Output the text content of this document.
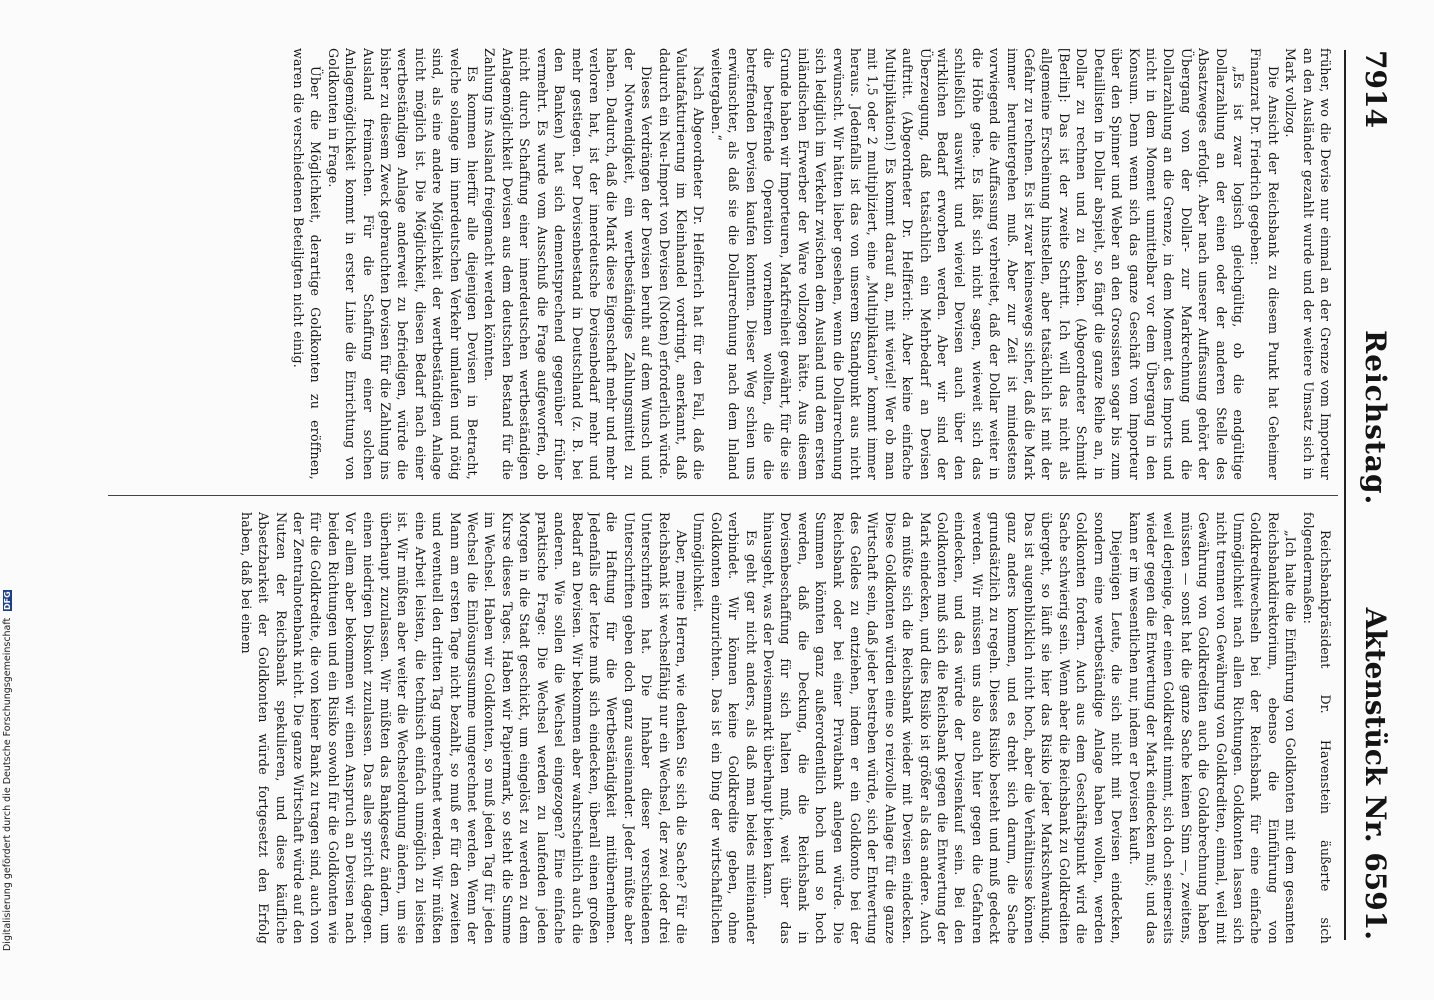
7914
Reichstag.
Aktenstück Nr. 6591.

früher, wo die Devise nur einmal an der Grenze vom Importeur an den Ausländer gezahlt wurde und der weitere Umsatz sich in Mark vollzog.

Die Ansicht der Reichsbank zu diesem Punkt hat Geheimer Finanzrat Dr. Friedrich gegeben:

„Es ist zwar logisch gleichgültig, ob die endgültige Dollarzahlung an der einen oder der anderen Stelle des Absatzweges erfolgt. Aber nach unserer Auffassung gehört der Übergang von der Dollar- zur Markrechnung und die Dollarzahlung an die Grenze, in dem Moment des Imports und nicht in dem Moment unmittelbar vor dem Übergang in den Konsum. Denn wenn sich das ganze Geschäft vom Importeur über den Spinner und Weber an den Grossisten sogar bis zum Detaillisten in Dollar abspielt, so fängt die ganze Reihe an, in Dollar zu rechnen und zu denken. (Abgeordneter Schmidt [Berlin]: Das ist der zweite Schritt. Ich will das nicht als allgemeine Erscheinung hinstellen, aber tatsächlich ist mit der Gefahr zu rechnen. Es ist zwar keineswegs sicher, daß die Mark immer heruntergehen muß. Aber zur Zeit ist mindestens vorwiegend die Auffassung verbreitet, daß der Dollar weiter in die Höhe gehe. Es läßt sich nicht sagen, wieweit sich das schließlich auswirkt und wieviel Devisen auch über den wirklichen Bedarf erworben werden. Aber wir sind der Überzeugung, daß tatsächlich ein Mehrbedarf an Devisen auftritt. (Abgeordneter Dr. Helfferich: Aber keine einfache Multiplikation!) Es kommt darauf an, mit wieviel! Wer ob man mit 1,5 oder 2 multipliziert, eine „Multiplikation“ kommt immer heraus. Jedenfalls ist das von unserem Standpunkt aus nicht erwünscht. Wir hätten lieber gesehen, wenn die Dollarrechnung sich lediglich im Verkehr zwischen dem Ausland und dem ersten inländischen Erwerber der Ware vollzogen hätte. Aus diesem Grunde haben wir Importeuren, Markfreiheit gewährt, für die sie die betreffende Operation vornehmen wollten, die die betreffenden Devisen kaufen konnten. Dieser Weg schien uns erwünschter, als daß sie die Dollarrechnung nach dem Inland weitergaben.“

Nach Abgeordneter Dr. Helfferich hat für den Fall, daß die Valutafakturierung im Kleinhandel vordringt, anerkannt, daß dadurch ein Neu-Import von Devisen (Noten) erforderlich würde.

Dieses Verdrängen der Devisen beruht auf dem Wunsch und der Notwendigkeit, ein wertbeständiges Zahlungsmittel zu haben. Dadurch, daß die Mark diese Eigenschaft mehr und mehr verloren hat, ist der innerdeutsche Devisenbedarf mehr und mehr gestiegen. Der Devisenbestand in Deutschland (z. B. bei den Banken) hat sich dementsprechend gegenüber früher vermehrt. Es wurde vom Ausschuß die Frage aufgeworfen, ob nicht durch Schaffung einer innerdeutschen wertbeständigen Anlagemöglichkeit Devisen aus dem deutschen Bestand für die Zahlung ins Ausland freigemacht werden könnten.

Es kommen hierfür alle diejenigen Devisen in Betracht, welche solange im innerdeutschen Verkehr umlaufen und nötig sind, als eine andere Möglichkeit der wertbeständigen Anlage nicht möglich ist. Die Möglichkeit, diesen Bedarf nach einer wertbeständigen Anlage anderweit zu befriedigen, würde die bisher zu diesem Zweck gebrauchten Devisen für die Zahlung ins Ausland freimachen. Für die Schaffung einer solchen Anlagemöglichkeit kommt in erster Linie die Einrichtung von Goldkonten in Frage.

Über die Möglichkeit, derartige Goldkonten zu eröffnen, waren die verschiedenen Beteiligten nicht einig.

Reichsbankpräsident Dr. Havenstein äußerte sich folgendermaßen:

„Ich halte die Einführung von Goldkonten mit dem gesamten Reichsbankdirektorium, ebenso die Einführung von Goldkreditwechseln bei der Reichsbank für eine einfache Unmöglichkeit nach allen Richtungen. Goldkonten lassen sich nicht trennen von Gewährung von Goldkrediten, einmal, weil mit Gewährung von Goldkrediten auch die Goldabrechnung haben müssten — sonst hat die ganze Sache keinen Sinn —, zweitens, weil derjenige, der einen Goldkredit nimmt, sich doch seinerseits wieder gegen die Entwertung der Mark eindecken muß; und das kann er im wesentlichen nur, indem er Devisen kauft.

Diejenigen Leute, die sich nicht mit Devisen eindecken, sondern eine wertbeständige Anlage haben wollen, werden Goldkonten fordern. Auch aus dem Geschäftspunkt wird die Sache schwierig sein. Wenn aber die Reichsbank zu Goldkrediten übergeht, so läuft sie hier das Risiko jeder Markschwankung. Das ist augenblicklich nicht hoch, aber die Verhältnisse können ganz anders kommen, und es dreht sich darum, die Sache grundsätzlich zu regeln. Dieses Risiko besteht und muß gedeckt werden. Wir müssen uns also auch hier gegen die Gefahren eindecken, und das würde der Devisenkauf sein. Bei den Goldkonten muß sich die Reichsbank gegen die Entwertung der Mark eindecken, und dies Risiko ist größer als das andere. Auch da müßte sich die Reichsbank wieder mit Devisen eindecken. Diese Goldkonten würden eine so reizvolle Anlage für die ganze Wirtschaft sein, daß jeder bestreben würde, sich der Entwertung des Geldes zu entziehen, indem er ein Goldkonto bei der Reichsbank oder bei einer Privatbank anlegen würde. Die Summen könnten ganz außerordentlich hoch und so hoch werden, daß die Deckung, die die Reichsbank in Devisenbeschaffung für sich halten muß, weit über das hinausgeht, was der Devisenmarkt überhaupt bieten kann.

Es geht gar nicht anders, als daß man beides miteinander verbindet. Wir können keine Goldkredite geben, ohne Goldkonten einzurichten. Das ist ein Ding der wirtschaftlichen Unmöglichkeit.

Aber, meine Herren, wie denken Sie sich die Sache? Für die Reichsbank ist wechselfähig nur ein Wechsel, der zwei oder drei Unterschriften hat. Die Inhaber dieser verschiedenen Unterschriften geben doch ganz auseinander. Jeder müßte aber die Haftung für die Wertbeständigkeit mitübernehmen. Jedenfalls der letzte muß sich eindecken, überall einen großen Bedarf an Devisen. Wir bekommen aber wahrscheinlich auch die anderen. Wie sollen die Wechsel eingezogen? Eine einfache praktische Frage: Die Wechsel werden zu laufenden jeden Morgen in die Stadt geschickt, um eingelöst zu werden zu dem Kurse dieses Tages. Haben wir Papiermark, so steht die Summe im Wechsel. Haben wir Goldkonten, so muß jeden Tag für jeden Wechsel die Einlösungssumme umgerechnet werden. Wenn der Mann am ersten Tage nicht bezahlt, so muß er für den zweiten und eventuell den dritten Tag umgerechnet werden. Wir müßten eine Arbeit leisten, die technisch einfach unmöglich zu leisten ist. Wir müßten aber weiter die Wechselordnung ändern, um sie überhaupt zuzulassen. Wir müßten das Bankgesetz ändern, um einen niedrigen Diskont zuzulassen. Das alles spricht dagegen. Vor allem aber bekommen wir einen Anspruch an Devisen nach beiden Richtungen und ein Risiko sowohl für die Goldkonten wie für die Goldkredite, die von keiner Bank zu tragen sind, auch von der Zentralnotenbank nicht. Die ganze Wirtschaft würde auf den Nutzen der Reichsbank spekulieren, und diese käufliche Absetzbarkeit der Goldkonten würde fortgesetzt den Erfolg haben, daß bei einem

Digitalisierung gefördert durch die Deutsche Forschungsgemeinschaft DFG
